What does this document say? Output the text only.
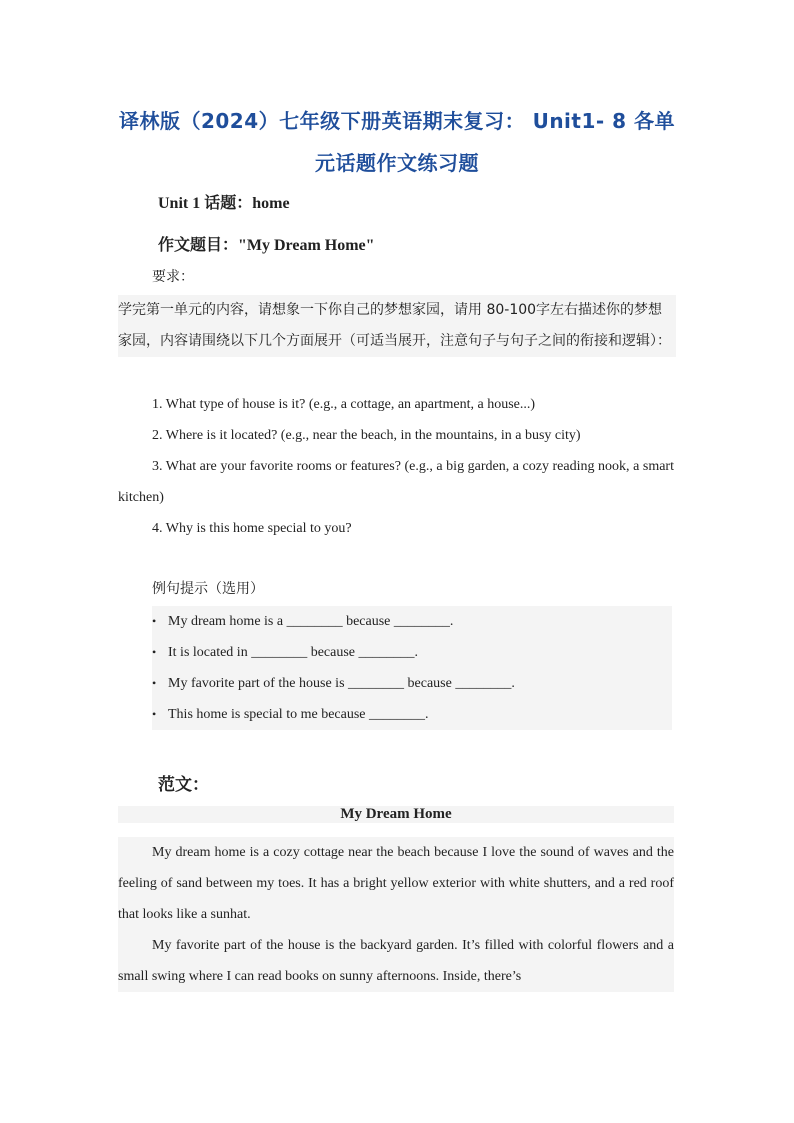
译林版（2024）七年级下册英语期末复习： Unit1- 8 各单元话题作文练习题
Unit 1 话题：home
作文题目："My Dream Home"
要求：
学完第一单元的内容，请想象一下你自己的梦想家园，请用 80-100字左右描述你的梦想家园，内容请围绕以下几个方面展开（可适当展开，注意句子与句子之间的衔接和逻辑）：
1. What type of house is it? (e.g., a cottage, an apartment, a house...)
2. Where is it located? (e.g., near the beach, in the mountains, in a busy city)
3. What are your favorite rooms or features? (e.g., a big garden, a cozy reading nook, a smart kitchen)
4. Why is this home special to you?
例句提示（选用）
• My dream home is a ________ because ________.
• It is located in ________ because ________.
• My favorite part of the house is ________ because ________.
• This home is special to me because ________.
范文：
My Dream Home

My dream home is a cozy cottage near the beach because I love the sound of waves and the feeling of sand between my toes. It has a bright yellow exterior with white shutters, and a red roof that looks like a sunhat.

My favorite part of the house is the backyard garden. It’s filled with colorful flowers and a small swing where I can read books on sunny afternoons. Inside, there’s
